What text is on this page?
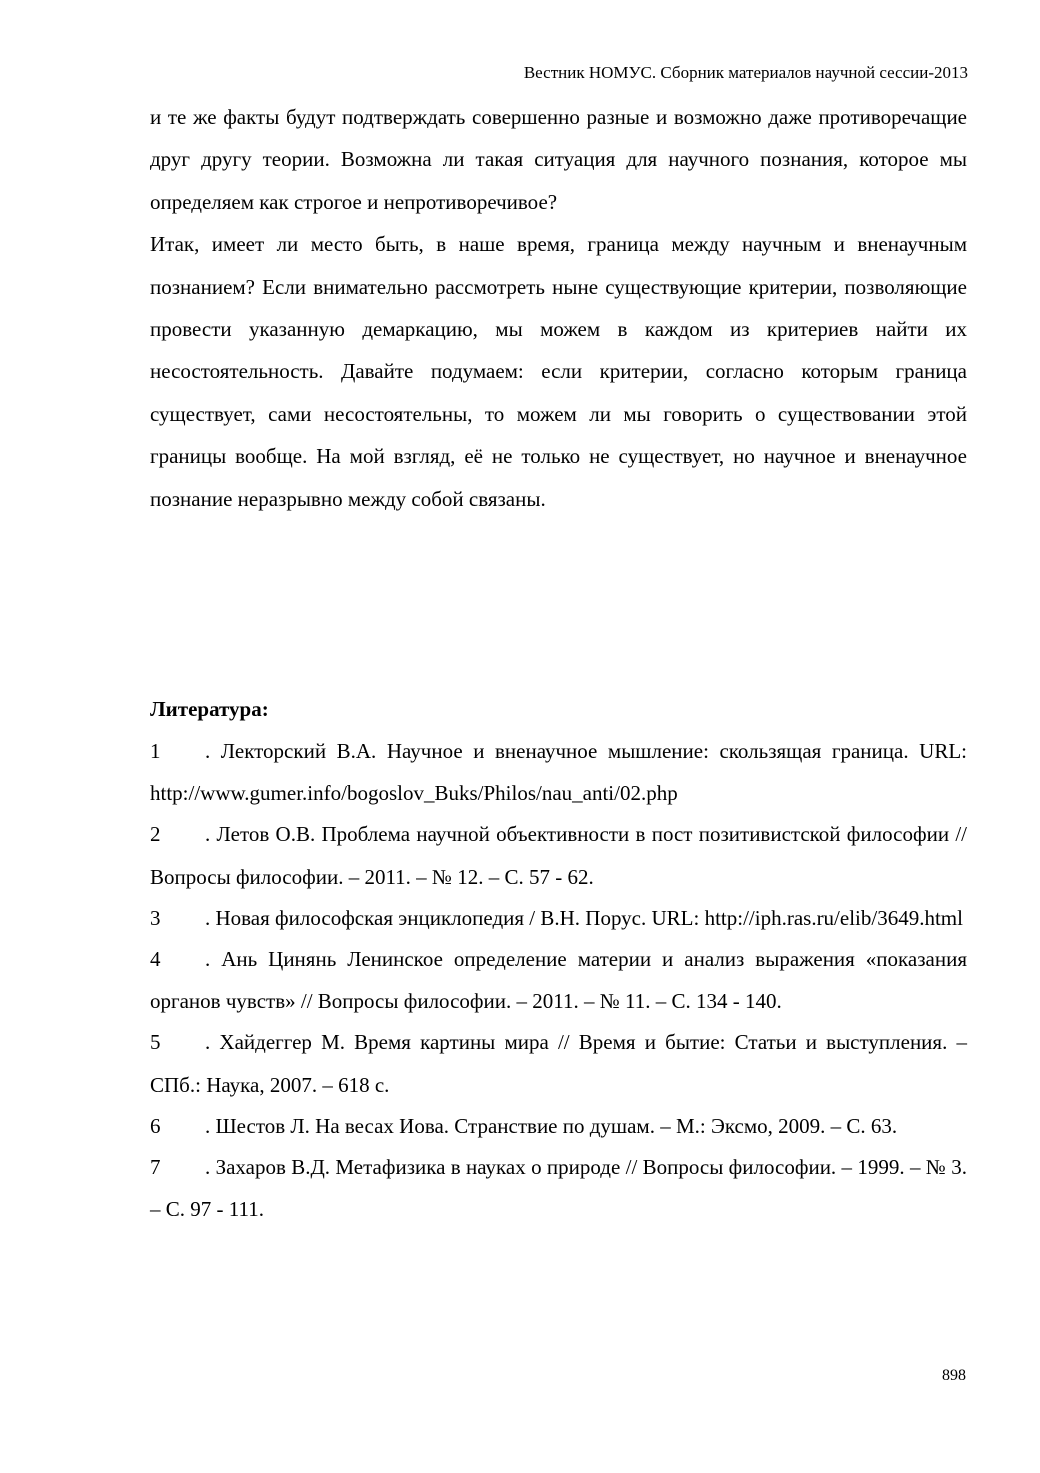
Вестник НОМУС. Сборник материалов научной сессии-2013

и те же факты будут подтверждать совершенно разные и возможно даже противоречащие друг другу теории. Возможна ли такая ситуация для научного познания, которое мы определяем как строгое и непротиворечивое?

Итак, имеет ли место быть, в наше время, граница между научным и вненаучным познанием? Если внимательно рассмотреть ныне существующие критерии, позволяющие провести указанную демаркацию, мы можем в каждом из критериев найти их несостоятельность. Давайте подумаем: если критерии, согласно которым граница существует, сами несостоятельны, то можем ли мы говорить о существовании этой границы вообще. На мой взгляд, её не только не существует, но научное и вненаучное познание неразрывно между собой связаны.

Литература:
1 . Лекторский В.А. Научное и вненаучное мышление: скользящая граница. URL: http://www.gumer.info/bogoslov_Buks/Philos/nau_anti/02.php
2 . Летов О.В. Проблема научной объективности в пост позитивистской философии // Вопросы философии. – 2011. – № 12. – С. 57 - 62.
3 . Новая философская энциклопедия / В.Н. Порус. URL: http://iph.ras.ru/elib/3649.html
4 . Ань Цинянь Ленинское определение материи и анализ выражения «показания органов чувств» // Вопросы философии. – 2011. – № 11. – С. 134 - 140.
5 . Хайдеггер М. Время картины мира // Время и бытие: Статьи и выступления. – СПб.: Наука, 2007. – 618 с.
6 . Шестов Л. На весах Иова. Странствие по душам. – М.: Эксмо, 2009. – С. 63.
7 . Захаров В.Д. Метафизика в науках о природе // Вопросы философии. – 1999. – № 3. – С. 97 - 111.
898
